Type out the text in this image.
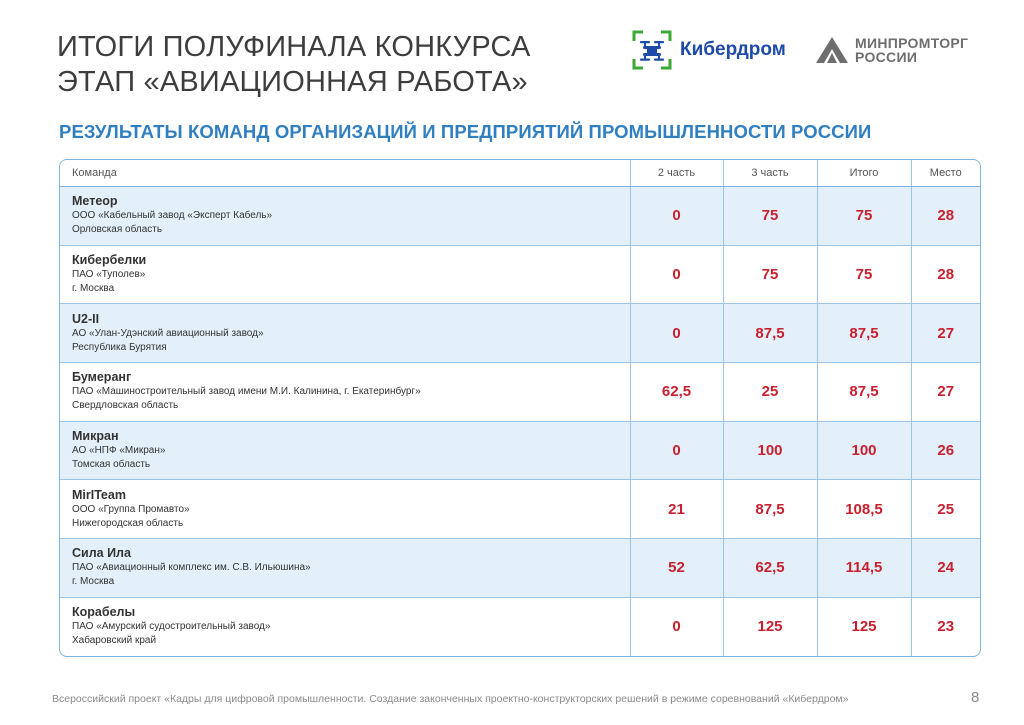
ИТОГИ ПОЛУФИНАЛА КОНКУРСА
ЭТАП «АВИАЦИОННАЯ РАБОТА»
Кибердром	МИНПРОМТОРГ
РОССИИ
РЕЗУЛЬТАТЫ КОМАНД ОРГАНИЗАЦИЙ И ПРЕДПРИЯТИЙ ПРОМЫШЛЕННОСТИ РОССИИ
Команда	2 часть	3 часть	Итого	Место

Метеор
ООО «Кабельный завод «Эксперт Кабель»
Орловская область	0	75	75	28

Кибербелки
ПАО «Туполев»
г. Москва	0	75	75	28

U2-II
АО «Улан-Удэнский авиационный завод»
Республика Бурятия	0	87,5	87,5	27

Бумеранг
ПАО «Машиностроительный завод имени М.И. Калинина, г. Екатеринбург»
Свердловская область	62,5	25	87,5	27

Микран
АО «НПФ «Микран»
Томская область	0	100	100	26

MirITeam
ООО «Группа Промавто»
Нижегородская область	21	87,5	108,5	25

Сила Ила
ПАО «Авиационный комплекс им. С.В. Ильюшина»
г. Москва	52	62,5	114,5	24

Корабелы
ПАО «Амурский судостроительный завод»
Хабаровский край	0	125	125	23
Всероссийский проект «Кадры для цифровой промышленности. Создание законченных проектно-конструкторских решений в режиме соревнований «Кибердром»	8
